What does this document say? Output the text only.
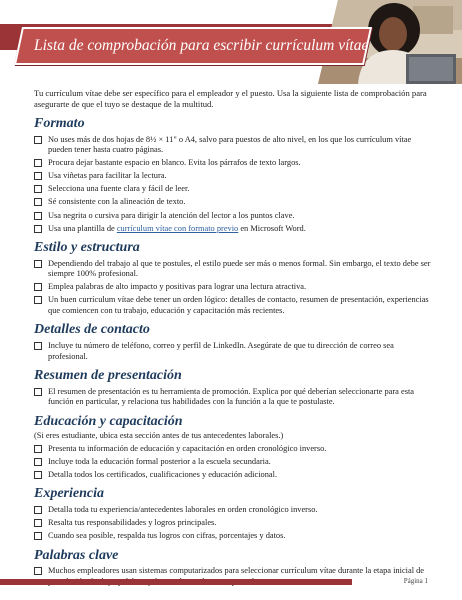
Lista de comprobación para escribir currículum vítae
Tu currículum vítae debe ser específico para el empleador y el puesto. Usa la siguiente lista de comprobación para asegurarte de que el tuyo se destaque de la multitud.
Formato
No uses más de dos hojas de 8½ × 11" o A4, salvo para puestos de alto nivel, en los que los currículum vítae pueden tener hasta cuatro páginas.
Procura dejar bastante espacio en blanco. Evita los párrafos de texto largos.
Usa viñetas para facilitar la lectura.
Selecciona una fuente clara y fácil de leer.
Sé consistente con la alineación de texto.
Usa negrita o cursiva para dirigir la atención del lector a los puntos clave.
Usa una plantilla de currículum vítae con formato previo en Microsoft Word.
Estilo y estructura
Dependiendo del trabajo al que te postules, el estilo puede ser más o menos formal. Sin embargo, el texto debe ser siempre 100% profesional.
Emplea palabras de alto impacto y positivas para lograr una lectura atractiva.
Un buen currículum vítae debe tener un orden lógico: detalles de contacto, resumen de presentación, experiencias que comiencen con tu trabajo, educación y capacitación más recientes.
Detalles de contacto
Incluye tu número de teléfono, correo y perfil de LinkedIn. Asegúrate de que tu dirección de correo sea profesional.
Resumen de presentación
El resumen de presentación es tu herramienta de promoción. Explica por qué deberían seleccionarte para esta función en particular, y relaciona tus habilidades con la función a la que te postulaste.
Educación y capacitación
(Si eres estudiante, ubica esta sección antes de tus antecedentes laborales.)
Presenta tu información de educación y capacitación en orden cronológico inverso.
Incluye toda la educación formal posterior a la escuela secundaria.
Detalla todos los certificados, cualificaciones y educación adicional.
Experiencia
Detalla toda tu experiencia/antecedentes laborales en orden cronológico inverso.
Resalta tus responsabilidades y logros principales.
Cuando sea posible, respalda tus logros con cifras, porcentajes y datos.
Palabras clave
Muchos empleadores usan sistemas computarizados para seleccionar currículum vítae durante la etapa inicial de
Página 1
